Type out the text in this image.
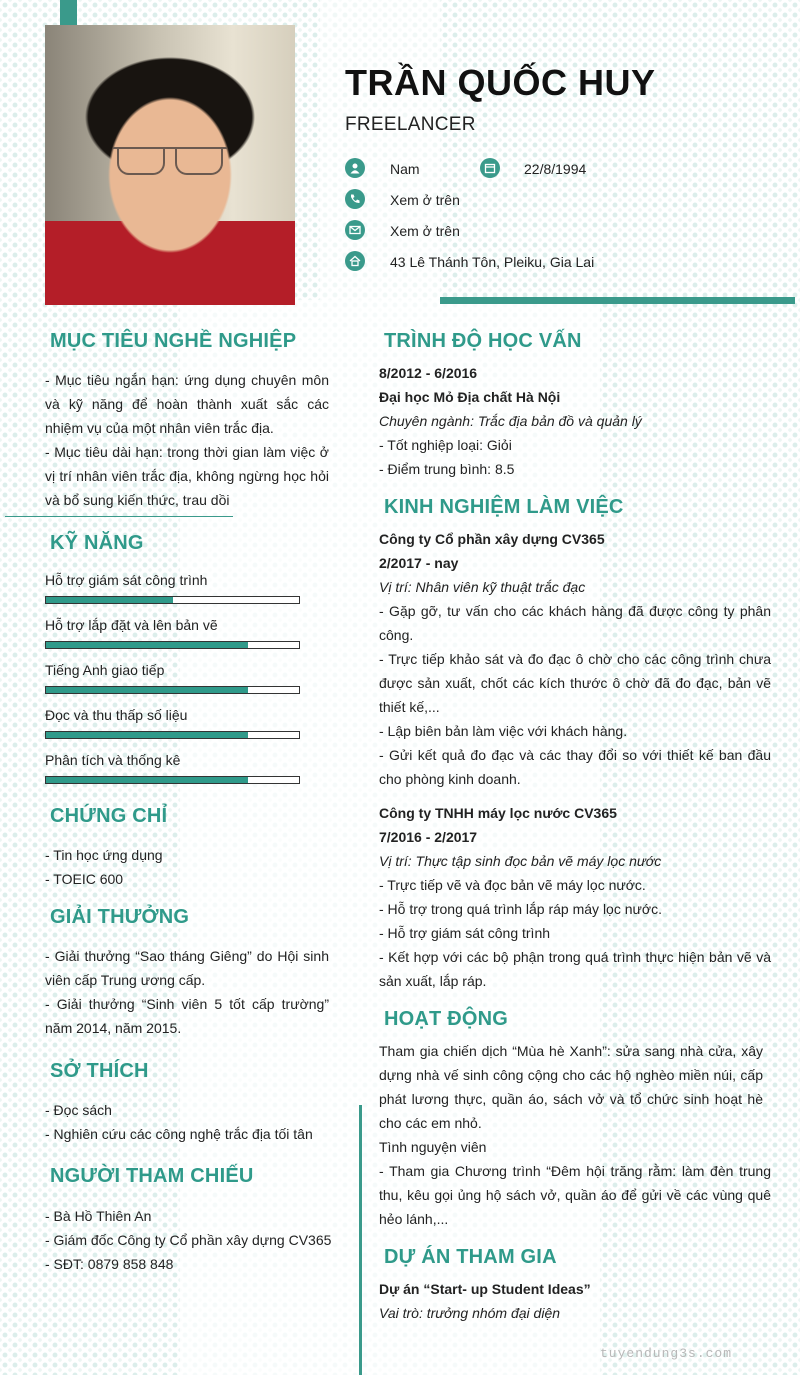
TRẦN QUỐC HUY

FREELANCER

Nam	22/8/1994
Xem ở trên
Xem ở trên
43 Lê Thánh Tôn, Pleiku, Gia Lai
MỤC TIÊU NGHỀ NGHIỆP
- Mục tiêu ngắn hạn: ứng dụng chuyên môn và kỹ năng để hoàn thành xuất sắc các nhiệm vụ của một nhân viên trắc địa.
- Mục tiêu dài hạn: trong thời gian làm việc ở vị trí nhân viên trắc địa, không ngừng học hỏi và bổ sung kiến thức, trau dồi
KỸ NĂNG
Hỗ trợ giám sát công trình
Hỗ trợ lắp đặt và lên bản vẽ
Tiếng Anh giao tiếp
Đọc và thu thấp số liệu
Phân tích và thống kê
CHỨNG CHỈ
- Tin học ứng dụng
- TOEIC 600
GIẢI THƯỞNG
- Giải thưởng “Sao tháng Giêng” do Hội sinh viên cấp Trung ương cấp.
- Giải thưởng “Sinh viên 5 tốt cấp trường” năm 2014, năm 2015.
SỞ THÍCH
- Đọc sách
- Nghiên cứu các công nghệ trắc địa tối tân
NGƯỜI THAM CHIẾU
- Bà Hồ Thiên An
- Giám đốc Công ty Cổ phần xây dựng CV365
- SĐT: 0879 858 848
TRÌNH ĐỘ HỌC VẤN
8/2012 - 6/2016
Đại học Mỏ Địa chất Hà Nội
Chuyên ngành: Trắc địa bản đồ và quản lý
- Tốt nghiệp loại: Giỏi
- Điểm trung bình: 8.5
KINH NGHIỆM LÀM VIỆC
Công ty Cổ phần xây dựng CV365
2/2017 - nay
Vị trí: Nhân viên kỹ thuật trắc đạc
- Gặp gỡ, tư vấn cho các khách hàng đã được công ty phân công.
- Trực tiếp khảo sát và đo đạc ô chờ cho các công trình chưa được sản xuất, chốt các kích thước ô chờ đã đo đạc, bản vẽ thiết kế,...
- Lập biên bản làm việc với khách hàng.
- Gửi kết quả đo đạc và các thay đổi so với thiết kế ban đầu cho phòng kinh doanh.
Công ty TNHH máy lọc nước CV365
7/2016 - 2/2017
Vị trí: Thực tập sinh đọc bản vẽ máy lọc nước
- Trực tiếp vẽ và đọc bản vẽ máy lọc nước.
- Hỗ trợ trong quá trình lắp ráp máy lọc nước.
- Hỗ trợ giám sát công trình
- Kết hợp với các bộ phận trong quá trình thực hiện bản vẽ và sản xuất, lắp ráp.
HOẠT ĐỘNG
Tham gia chiến dịch “Mùa hè Xanh”: sửa sang nhà cửa, xây dựng nhà vế sinh công cộng cho các hộ nghèo miền núi, cấp phát lương thực, quần áo, sách vở và tổ chức sinh hoạt hè cho các em nhỏ.
Tình nguyện viên
- Tham gia Chương trình “Đêm hội trăng rằm: làm đèn trung thu, kêu gọi ủng hộ sách vở, quần áo để gửi về các vùng quê hẻo lánh,...
DỰ ÁN THAM GIA
Dự án “Start- up Student Ideas”
Vai trò: trưởng nhóm đại diện
tuyendung3s.com
